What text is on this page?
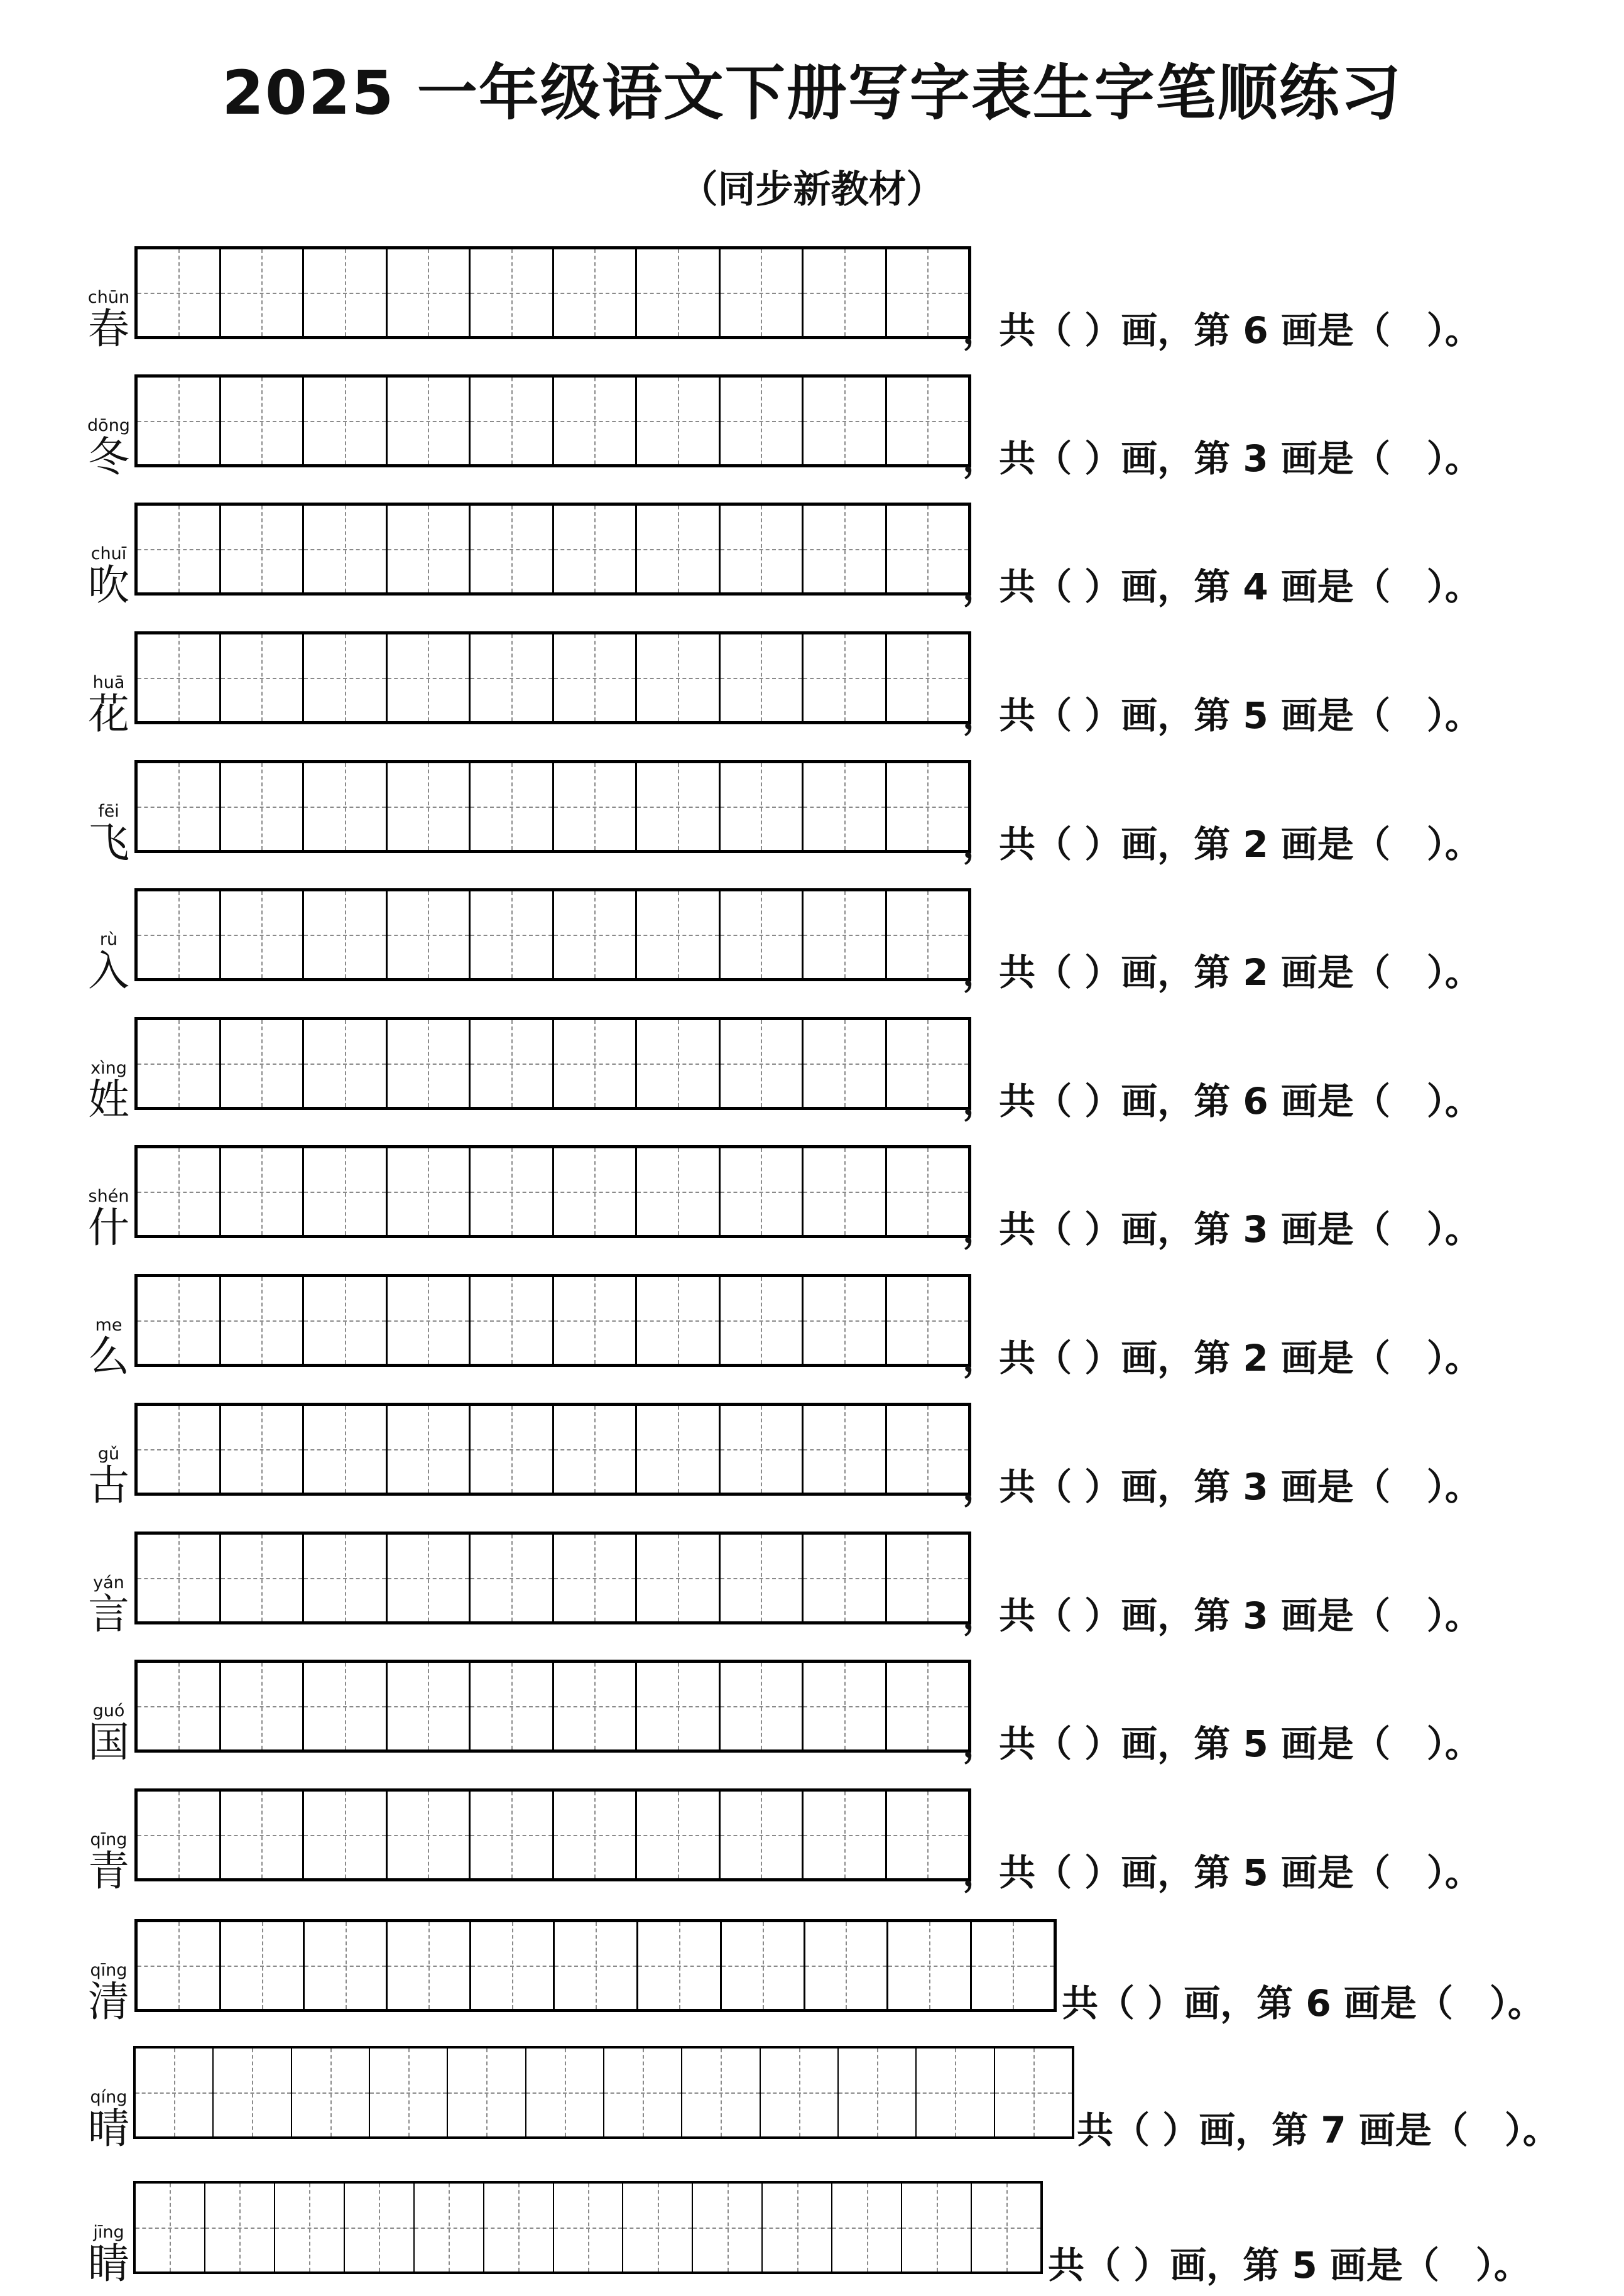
2025 一年级语文下册写字表生字笔顺练习
（同步新教材）
chūn
春	，共（ ）画，第 6 画是（　）。
dōng
冬	，共（ ）画，第 3 画是（　）。
chuī
吹	，共（ ）画，第 4 画是（　）。
huā
花	，共（ ）画，第 5 画是（　）。
fēi
飞	，共（ ）画，第 2 画是（　）。
rù
入	，共（ ）画，第 2 画是（　）。
xìng
姓	，共（ ）画，第 6 画是（　）。
shén
什	，共（ ）画，第 3 画是（　）。
me
么	，共（ ）画，第 2 画是（　）。
gǔ
古	，共（ ）画，第 3 画是（　）。
yán
言	，共（ ）画，第 3 画是（　）。
guó
国	，共（ ）画，第 5 画是（　）。
qīng
青	，共（ ）画，第 5 画是（　）。
qīng
清	共（ ）画，第 6 画是（　）。
qíng
晴	共（ ）画，第 7 画是（　）。
jīng
睛	共（ ）画，第 5 画是（　）。
